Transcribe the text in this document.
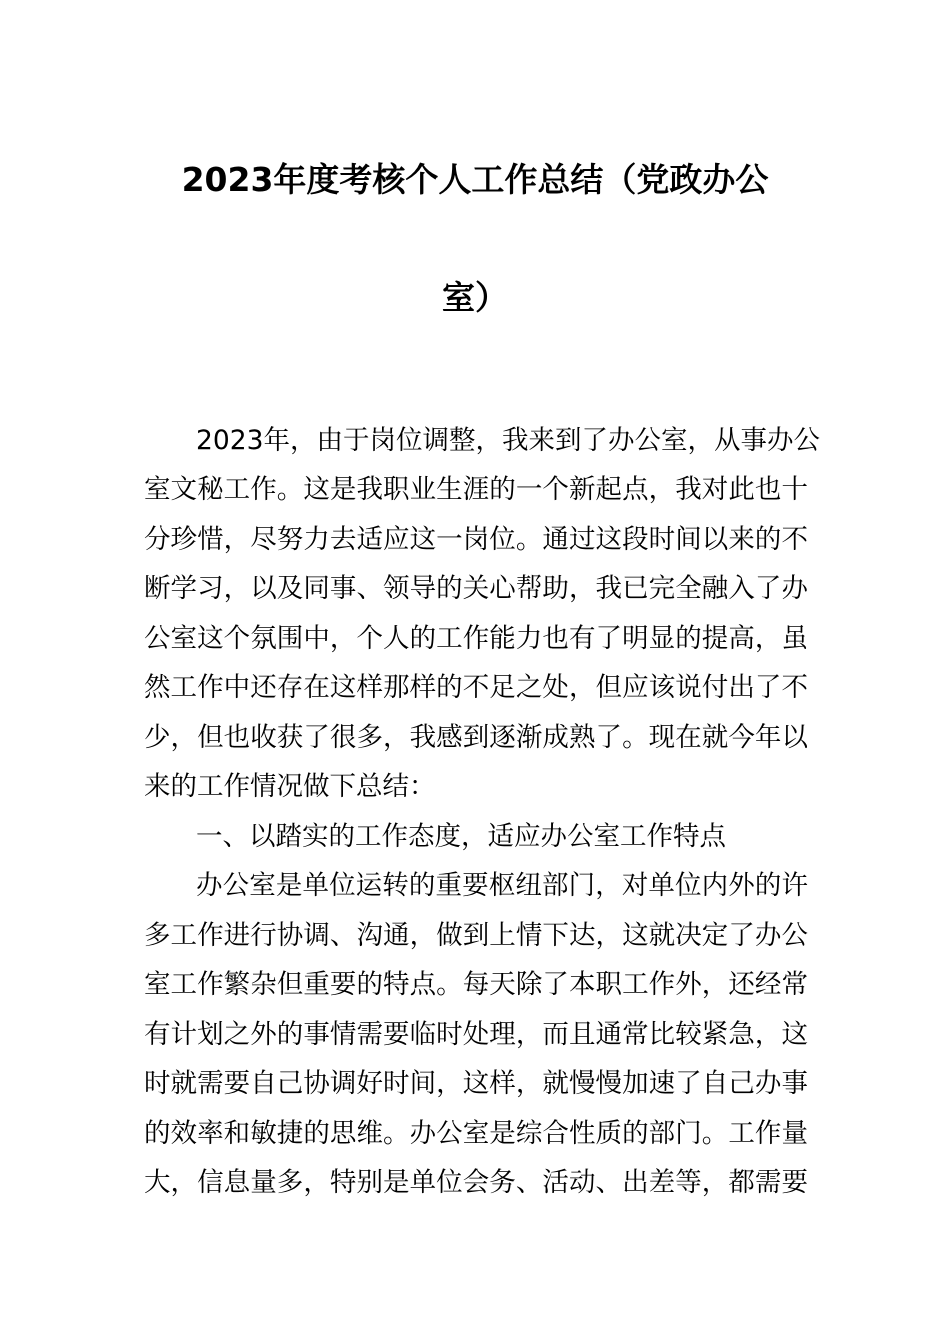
2023年度考核个人工作总结（党政办公
室）
2023年，由于岗位调整，我来到了办公室，从事办公
室文秘工作。这是我职业生涯的一个新起点，我对此也十
分珍惜，尽努力去适应这一岗位。通过这段时间以来的不
断学习，以及同事、领导的关心帮助，我已完全融入了办
公室这个氛围中，个人的工作能力也有了明显的提高，虽
然工作中还存在这样那样的不足之处，但应该说付出了不
少，但也收获了很多，我感到逐渐成熟了。现在就今年以
来的工作情况做下总结：
一、以踏实的工作态度，适应办公室工作特点
办公室是单位运转的重要枢纽部门，对单位内外的许
多工作进行协调、沟通，做到上情下达，这就决定了办公
室工作繁杂但重要的特点。每天除了本职工作外，还经常
有计划之外的事情需要临时处理，而且通常比较紧急，这
时就需要自己协调好时间，这样，就慢慢加速了自己办事
的效率和敏捷的思维。办公室是综合性质的部门。工作量
大，信息量多，特别是单位会务、活动、出差等，都需要
